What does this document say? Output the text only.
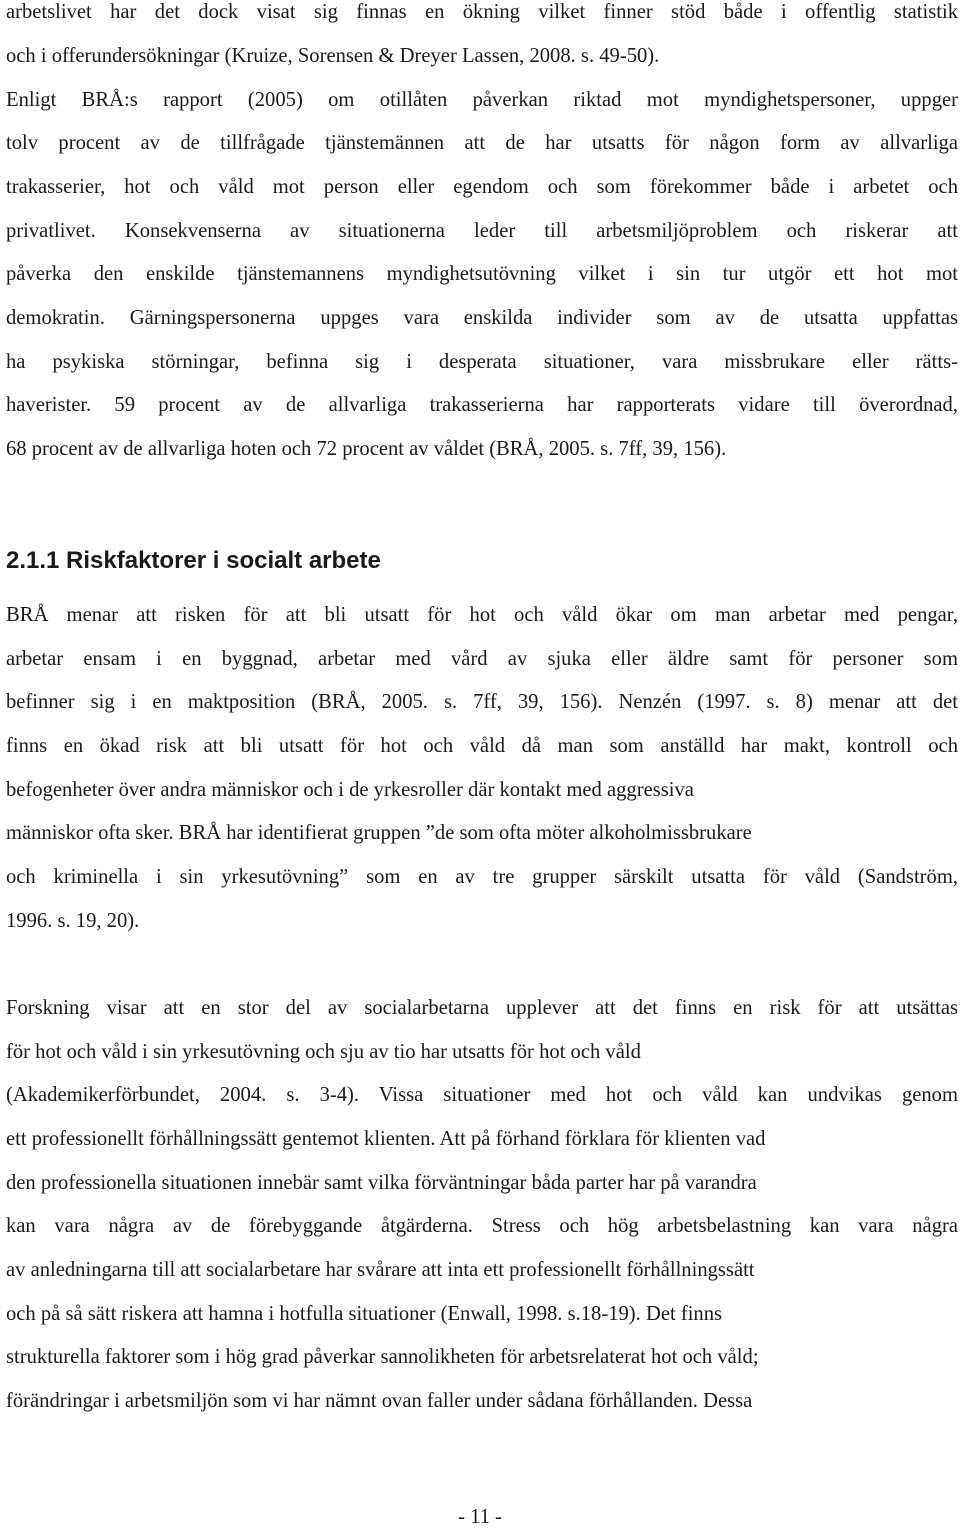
arbetslivet har det dock visat sig finnas en ökning vilket finner stöd både i offentlig statistik
och i offerundersökningar (Kruize, Sorensen & Dreyer Lassen, 2008. s. 49-50).
Enligt BRÅ:s rapport (2005) om otillåten påverkan riktad mot myndighetspersoner, uppger
tolv procent av de tillfrågade tjänstemännen att de har utsatts för någon form av allvarliga
trakasserier, hot och våld mot person eller egendom och som förekommer både i arbetet och
privatlivet. Konsekvenserna av situationerna leder till arbetsmiljöproblem och riskerar att
påverka den enskilde tjänstemannens myndighetsutövning vilket i sin tur utgör ett hot mot
demokratin. Gärningspersonerna uppges vara enskilda individer som av de utsatta uppfattas
ha psykiska störningar, befinna sig i desperata situationer, vara missbrukare eller rätts-
haverister. 59 procent av de allvarliga trakasserierna har rapporterats vidare till överordnad,
68 procent av de allvarliga hoten och 72 procent av våldet (BRÅ, 2005. s. 7ff, 39, 156).
2.1.1 Riskfaktorer i socialt arbete
BRÅ menar att risken för att bli utsatt för hot och våld ökar om man arbetar med pengar,
arbetar ensam i en byggnad, arbetar med vård av sjuka eller äldre samt för personer som
befinner sig i en maktposition (BRÅ, 2005. s. 7ff, 39, 156). Nenzén (1997. s. 8) menar att det
finns en ökad risk att bli utsatt för hot och våld då man som anställd har makt, kontroll och
befogenheter över andra människor och i de yrkesroller där kontakt med aggressiva
människor ofta sker. BRÅ har identifierat gruppen ”de som ofta möter alkoholmissbrukare
och kriminella i sin yrkesutövning” som en av tre grupper särskilt utsatta för våld (Sandström,
1996. s. 19, 20).
Forskning visar att en stor del av socialarbetarna upplever att det finns en risk för att utsättas
för hot och våld i sin yrkesutövning och sju av tio har utsatts för hot och våld
(Akademikerförbundet, 2004. s. 3-4). Vissa situationer med hot och våld kan undvikas genom
ett professionellt förhållningssätt gentemot klienten. Att på förhand förklara för klienten vad
den professionella situationen innebär samt vilka förväntningar båda parter har på varandra
kan vara några av de förebyggande åtgärderna. Stress och hög arbetsbelastning kan vara några
av anledningarna till att socialarbetare har svårare att inta ett professionellt förhållningssätt
och på så sätt riskera att hamna i hotfulla situationer (Enwall, 1998. s.18-19). Det finns
strukturella faktorer som i hög grad påverkar sannolikheten för arbetsrelaterat hot och våld;
förändringar i arbetsmiljön som vi har nämnt ovan faller under sådana förhållanden. Dessa
- 11 -
